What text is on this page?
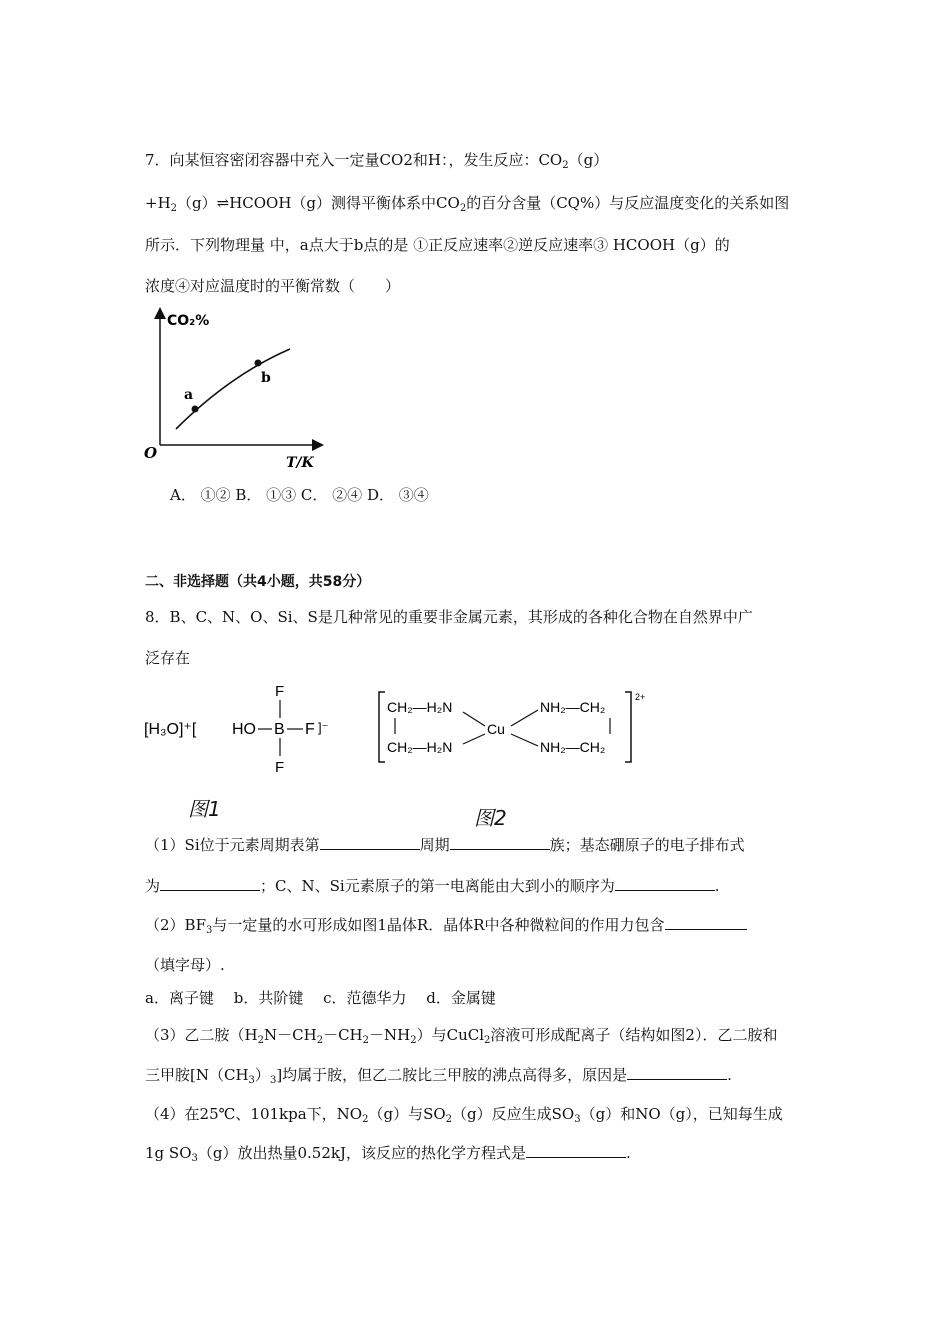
7．向某恒容密闭容器中充入一定量CO2和H：，发生反应：$CO_2(g)$
$+H_2(g)\rightleftharpoons HCOOH(g)$测得平衡体系中$CO_2$的百分含量（CQ%）与反应温度变化的关系如图
所示．下列物理量 中，a点大于b点的是 ①正反应速率②逆反应速率③ HCOOH（g）的
浓度④对应温度时的平衡常数（　　）
a
b
CO₂%
T/K
O
A． ①② B． ①③ C． ②④ D． ③④
二、非选择题（共4小题，共58分）
8．B、C、N、O、Si、S是几种常见的重要非金属元素，其形成的各种化合物在自然界中广
泛存在
[H₃O]⁺[ HO B F ]⁻
F
F
图1
2+
CH₂—H₂N
CH₂—H₂N
Cu
NH₂—CH₂
NH₂—CH₂
图2
（1）Si位于元素周期表第	周期	族；基态硼原子的电子排布式
为	；C、N、Si元素原子的第一电离能由大到小的顺序为	.
$(2)BF_3$与一定量的水可形成如图1晶体R．晶体R中各种微粒间的作用力包含
（填字母）.
a．离子键　 b．共阶键　 c．范德华力　 d．金属键
（3）乙二胺$(H_2N-CH_2-CH_2-NH_2)$与CuCl$_2$溶液可形成配离子（结构如图2）．乙二胺和
三甲胺$[N(CH_3)_3]$均属于胺，但乙二胺比三甲胺的沸点高得多，原因是	.
（4）在25℃、101kpa下，$NO_2(g)$与$SO_2(g)$反应生成$SO_3(g)$和NO（g），已知每生成
1g $SO_3(g)$放出热量0.52kJ，该反应的热化学方程式是	.
